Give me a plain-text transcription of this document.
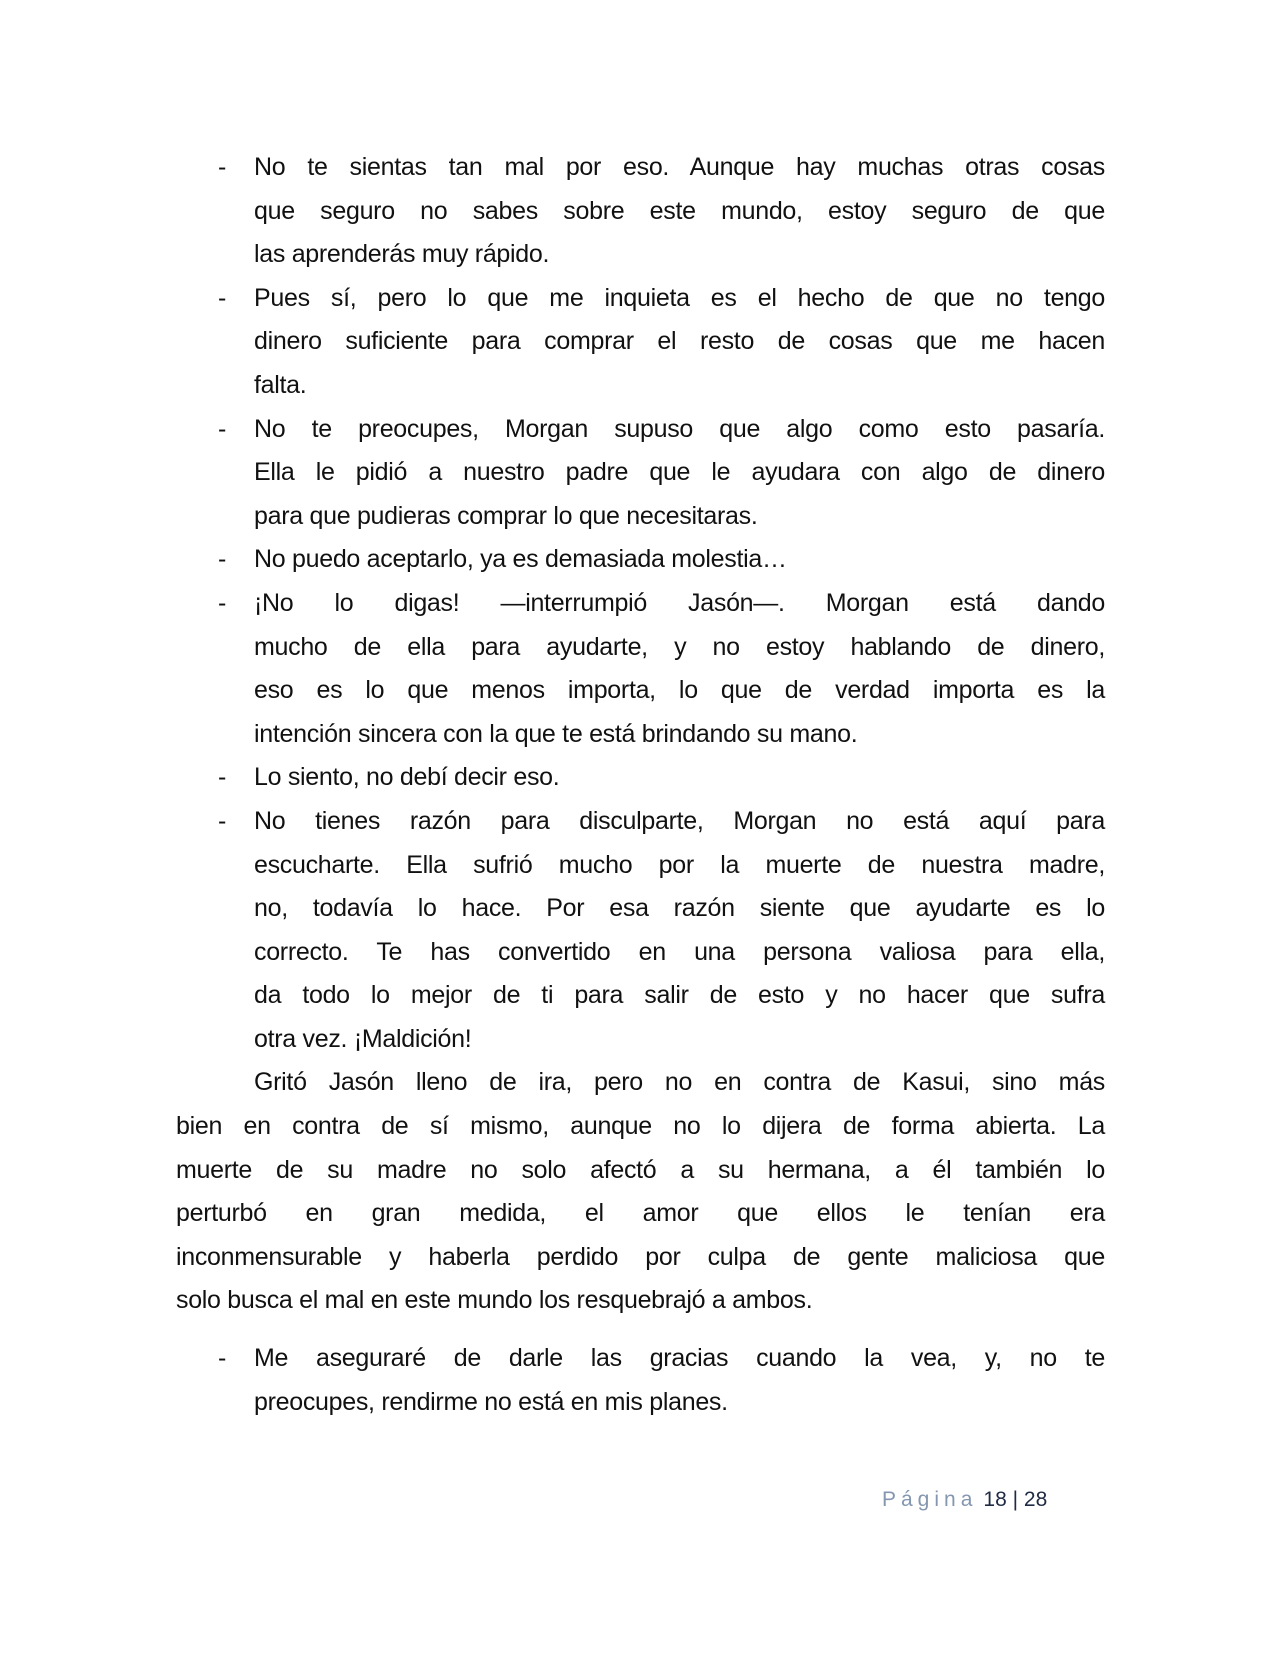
- No te sientas tan mal por eso. Aunque hay muchas otras cosas
que seguro no sabes sobre este mundo, estoy seguro de que
las aprenderás muy rápido.
- Pues sí, pero lo que me inquieta es el hecho de que no tengo
dinero suficiente para comprar el resto de cosas que me hacen
falta.
- No te preocupes, Morgan supuso que algo como esto pasaría.
Ella le pidió a nuestro padre que le ayudara con algo de dinero
para que pudieras comprar lo que necesitaras.
- No puedo aceptarlo, ya es demasiada molestia…
- ¡No lo digas! —interrumpió Jasón—. Morgan está dando
mucho de ella para ayudarte, y no estoy hablando de dinero,
eso es lo que menos importa, lo que de verdad importa es la
intención sincera con la que te está brindando su mano.
- Lo siento, no debí decir eso.
- No tienes razón para disculparte, Morgan no está aquí para
escucharte. Ella sufrió mucho por la muerte de nuestra madre,
no, todavía lo hace. Por esa razón siente que ayudarte es lo
correcto. Te has convertido en una persona valiosa para ella,
da todo lo mejor de ti para salir de esto y no hacer que sufra
otra vez. ¡Maldición!
Gritó Jasón lleno de ira, pero no en contra de Kasui, sino más
bien en contra de sí mismo, aunque no lo dijera de forma abierta. La
muerte de su madre no solo afectó a su hermana, a él también lo
perturbó en gran medida, el amor que ellos le tenían era
inconmensurable y haberla perdido por culpa de gente maliciosa que
solo busca el mal en este mundo los resquebrajó a ambos.
- Me aseguraré de darle las gracias cuando la vea, y, no te
preocupes, rendirme no está en mis planes.
Página 18 | 28
